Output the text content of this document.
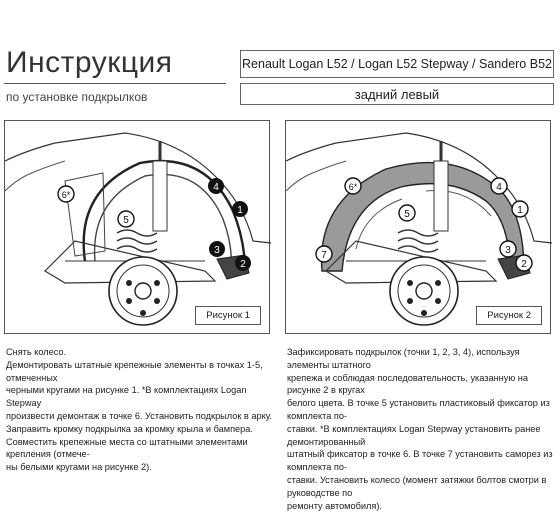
Инструкция
по установке подкрылков
Renault Logan L52 / Logan L52 Stepway / Sandero B52
задний левый
1
2
3
4
5
6*
Рисунок 1
1
2
3
4
5
6*
7
Рисунок 2

Снять колесо.

Демонтировать штатные крепежные элементы в точках 1-5, отмеченных

черными кругами на рисунке 1. *В комплектациях Logan Stepway

произвести демонтаж в точке 6. Установить подкрылок в арку.

Заправить кромку подкрылка за кромку крыла и бампера.

Совместить крепежные места со штатными элементами крепления (отмече-

ны белыми кругами на рисунке 2).

Зафиксировать подкрылок (точки 1, 2, 3, 4), используя элементы штатного

крепежа и соблюдая последовательность, указанную на рисунке 2 в кругах

белого цвета. В точке 5 установить пластиковый фиксатор из комплекта по-

ставки. *В комплектациях Logan Stepway установить ранее демонтированный

штатный фиксатор в точке 6. В точке 7 установить саморез из комплекта по-

ставки. Установить колесо (момент затяжки болтов смотри в руководстве по

ремонту автомобиля).
